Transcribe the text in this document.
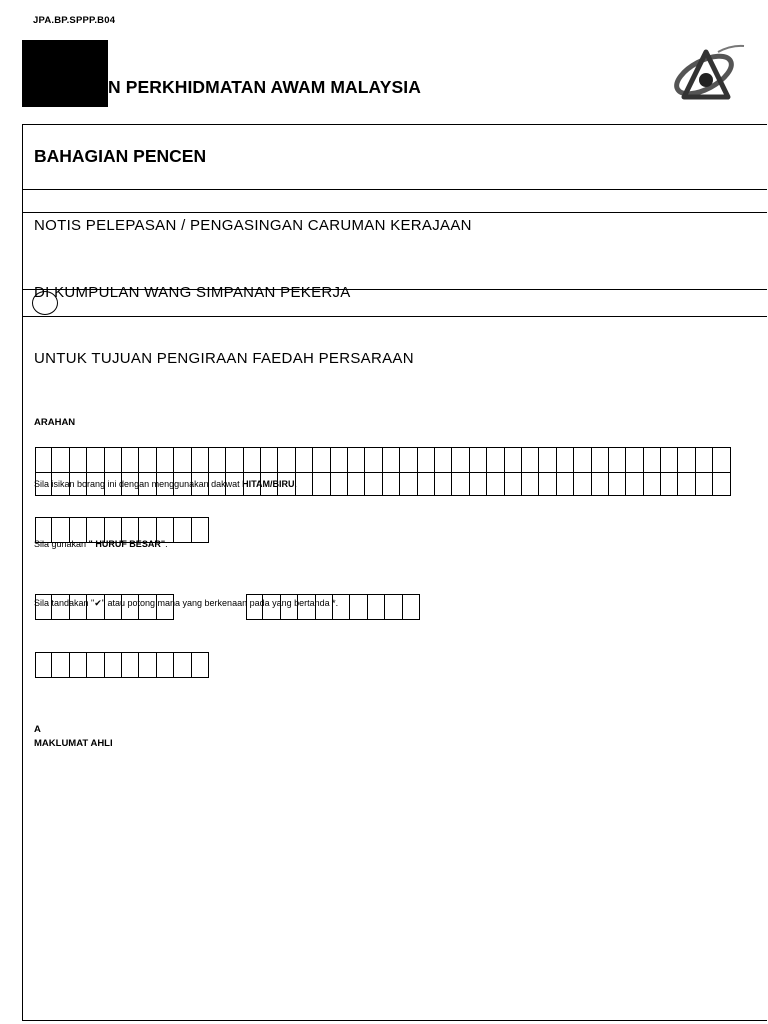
JPA.BP.SPPP.B04
N PERKHIDMATAN AWAM MALAYSIA
BAHAGIAN PENCEN
NOTIS PELEPASAN / PENGASINGAN CARUMAN KERAJAAN
DI KUMPULAN WANG SIMPANAN PEKERJA
UNTUK TUJUAN PENGIRAAN FAEDAH PERSARAAN
ARAHAN
Sila isikan borang ini dengan menggunakan dakwat HITAM/BIRU.
Sila gunakan " HURUF BESAR".
Sila tandakan "✔" atau potong mana yang berkenaan pada yang bertanda *.
A
MAKLUMAT AHLI
